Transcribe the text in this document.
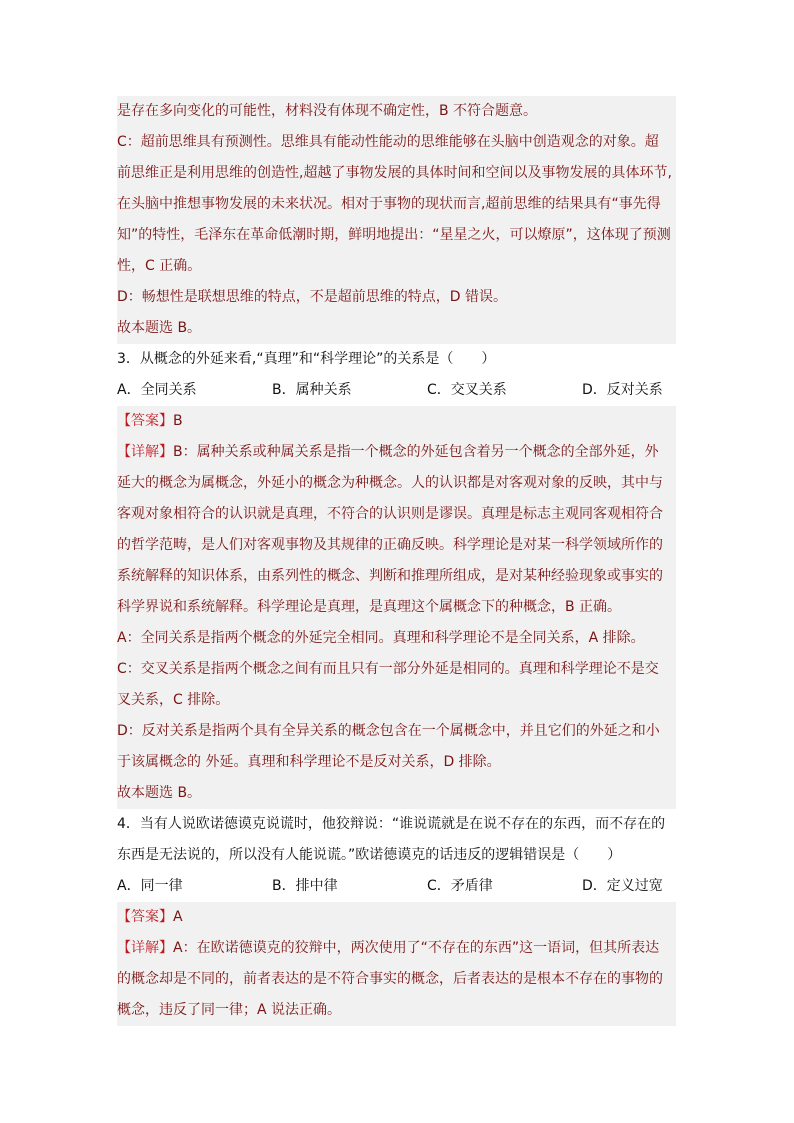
是存在多向变化的可能性，材料没有体现不确定性，B 不符合题意。
C：超前思维具有预测性。思维具有能动性能动的思维能够在头脑中创造观念的对象。超
前思维正是利用思维的创造性,超越了事物发展的具体时间和空间以及事物发展的具体环节,
在头脑中推想事物发展的未来状况。相对于事物的现状而言,超前思维的结果具有“事先得
知”的特性，毛泽东在革命低潮时期，鲜明地提出：“星星之火，可以燎原”，这体现了预测
性，C 正确。
D：畅想性是联想思维的特点，不是超前思维的特点，D 错误。
故本题选 B。
3．从概念的外延来看,“真理”和“科学理论”的关系是（　　）
A．全同关系	B．属种关系	C．交叉关系	D．反对关系
【答案】B
【详解】B：属种关系或种属关系是指一个概念的外延包含着另一个概念的全部外延，外
延大的概念为属概念，外延小的概念为种概念。人的认识都是对客观对象的反映，其中与
客观对象相符合的认识就是真理，不符合的认识则是谬误。真理是标志主观同客观相符合
的哲学范畴，是人们对客观事物及其规律的正确反映。科学理论是对某一科学领域所作的
系统解释的知识体系，由系列性的概念、判断和推理所组成，是对某种经验现象或事实的
科学界说和系统解释。科学理论是真理，是真理这个属概念下的种概念，B 正确。
A：全同关系是指两个概念的外延完全相同。真理和科学理论不是全同关系，A 排除。
C：交叉关系是指两个概念之间有而且只有一部分外延是相同的。真理和科学理论不是交
叉关系，C 排除。
D：反对关系是指两个具有全异关系的概念包含在一个属概念中，并且它们的外延之和小
于该属概念的 外延。真理和科学理论不是反对关系，D 排除。
故本题选 B。
4．当有人说欧诺德谟克说谎时，他狡辩说：“谁说谎就是在说不存在的东西，而不存在的
东西是无法说的，所以没有人能说谎。”欧诺德谟克的话违反的逻辑错误是（　　）
A．同一律	B．排中律	C．矛盾律	D．定义过宽
【答案】A
【详解】A：在欧诺德谟克的狡辩中，两次使用了“不存在的东西”这一语词，但其所表达
的概念却是不同的，前者表达的是不符合事实的概念，后者表达的是根本不存在的事物的
概念，违反了同一律；A 说法正确。
